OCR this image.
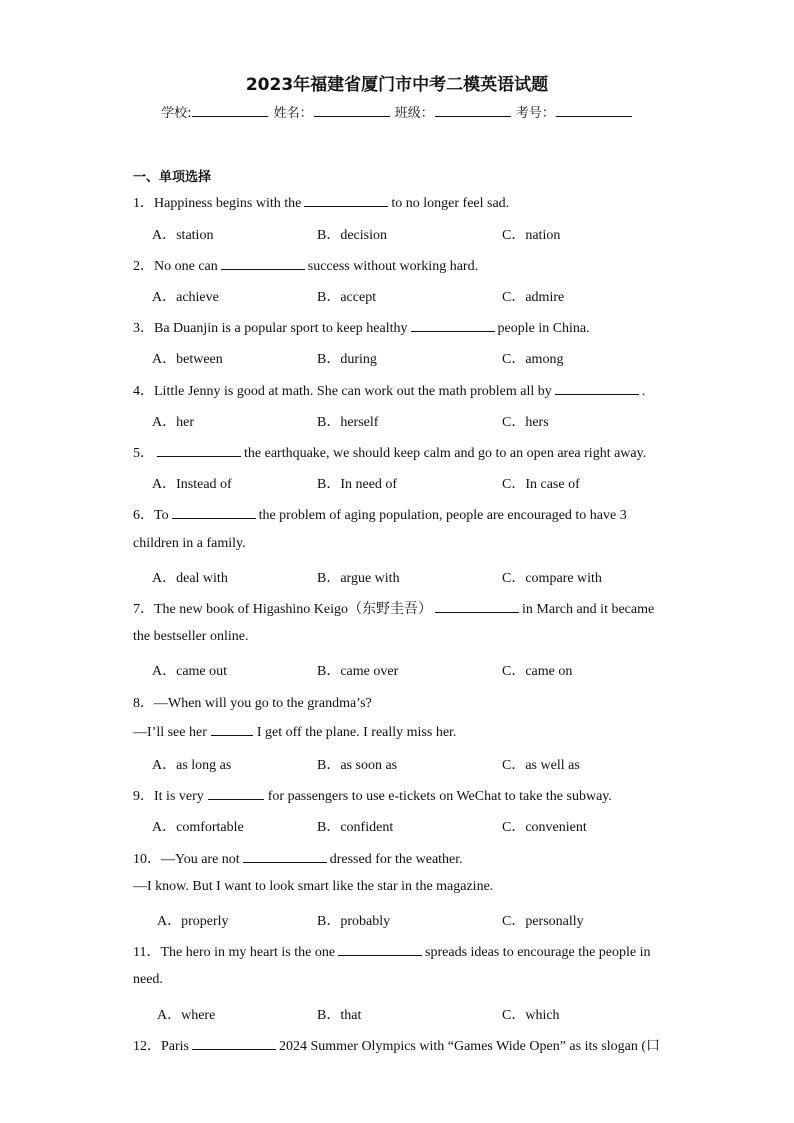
2023年福建省厦门市中考二模英语试题
学校:	姓名：	班级：	考号：
一、单项选择
1．Happiness begins with the	to no longer feel sad.
A．station	B．decision	C．nation
2．No one can	success without working hard.
A．achieve	B．accept	C．admire
3．Ba Duanjin is a popular sport to keep healthy	people in China.
A．between	B．during	C．among
4．Little Jenny is good at math. She can work out the math problem all by	.
A．her	B．herself	C．hers
5．	the earthquake, we should keep calm and go to an open area right away.
A．Instead of	B．In need of	C．In case of
6．To	the problem of aging population, people are encouraged to have 3
children in a family.
A．deal with	B．argue with	C．compare with
7．The new book of Higashino Keigo（东野圭吾）	in March and it became
the bestseller online.
A．came out	B．came over	C．came on
8．—When will you go to the grandma’s?
—I’ll see her	I get off the plane. I really miss her.
A．as long as	B．as soon as	C．as well as
9．It is very	for passengers to use e-tickets on WeChat to take the subway.
A．comfortable	B．confident	C．convenient
10．—You are not	dressed for the weather.
—I know. But I want to look smart like the star in the magazine.
A．properly	B．probably	C．personally
11．The hero in my heart is the one	spreads ideas to encourage the people in
need.
A．where	B．that	C．which
12．Paris	2024 Summer Olympics with “Games Wide Open” as its slogan (口
